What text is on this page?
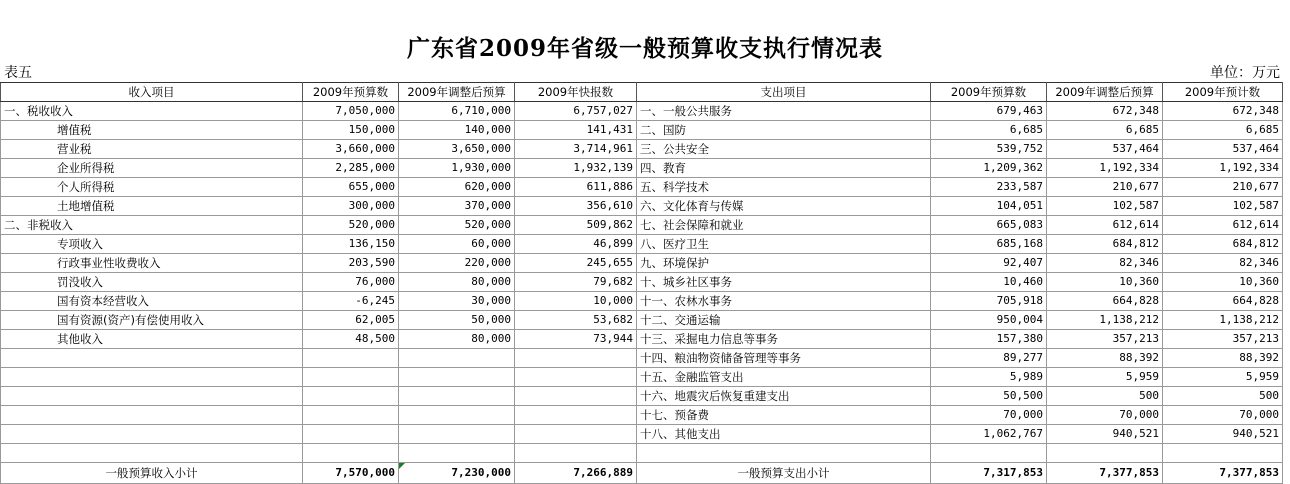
广东省2009年省级一般预算收支执行情况表
表五	单位：万元
收入项目	2009年预算数	2009年调整后预算	2009年快报数	支出项目	2009年预算数	2009年调整后预算	2009年预计数
一、税收收入	7,050,000	6,710,000	6,757,027	一、一般公共服务	679,463	672,348	672,348
增值税	150,000	140,000	141,431	二、国防	6,685	6,685	6,685
营业税	3,660,000	3,650,000	3,714,961	三、公共安全	539,752	537,464	537,464
企业所得税	2,285,000	1,930,000	1,932,139	四、教育	1,209,362	1,192,334	1,192,334
个人所得税	655,000	620,000	611,886	五、科学技术	233,587	210,677	210,677
土地增值税	300,000	370,000	356,610	六、文化体育与传媒	104,051	102,587	102,587
二、非税收入	520,000	520,000	509,862	七、社会保障和就业	665,083	612,614	612,614
专项收入	136,150	60,000	46,899	八、医疗卫生	685,168	684,812	684,812
行政事业性收费收入	203,590	220,000	245,655	九、环境保护	92,407	82,346	82,346
罚没收入	76,000	80,000	79,682	十、城乡社区事务	10,460	10,360	10,360
国有资本经营收入	-6,245	30,000	10,000	十一、农林水事务	705,918	664,828	664,828
国有资源(资产)有偿使用收入	62,005	50,000	53,682	十二、交通运输	950,004	1,138,212	1,138,212
其他收入	48,500	80,000	73,944	十三、采掘电力信息等事务	157,380	357,213	357,213
				十四、粮油物资储备管理等事务	89,277	88,392	88,392
				十五、金融监管支出	5,989	5,959	5,959
				十六、地震灾后恢复重建支出	50,500	500	500
				十七、预备费	70,000	70,000	70,000
				十八、其他支出	1,062,767	940,521	940,521

一般预算收入小计	7,570,000	7,230,000	7,266,889	一般预算支出小计	7,317,853	7,377,853	7,377,853
